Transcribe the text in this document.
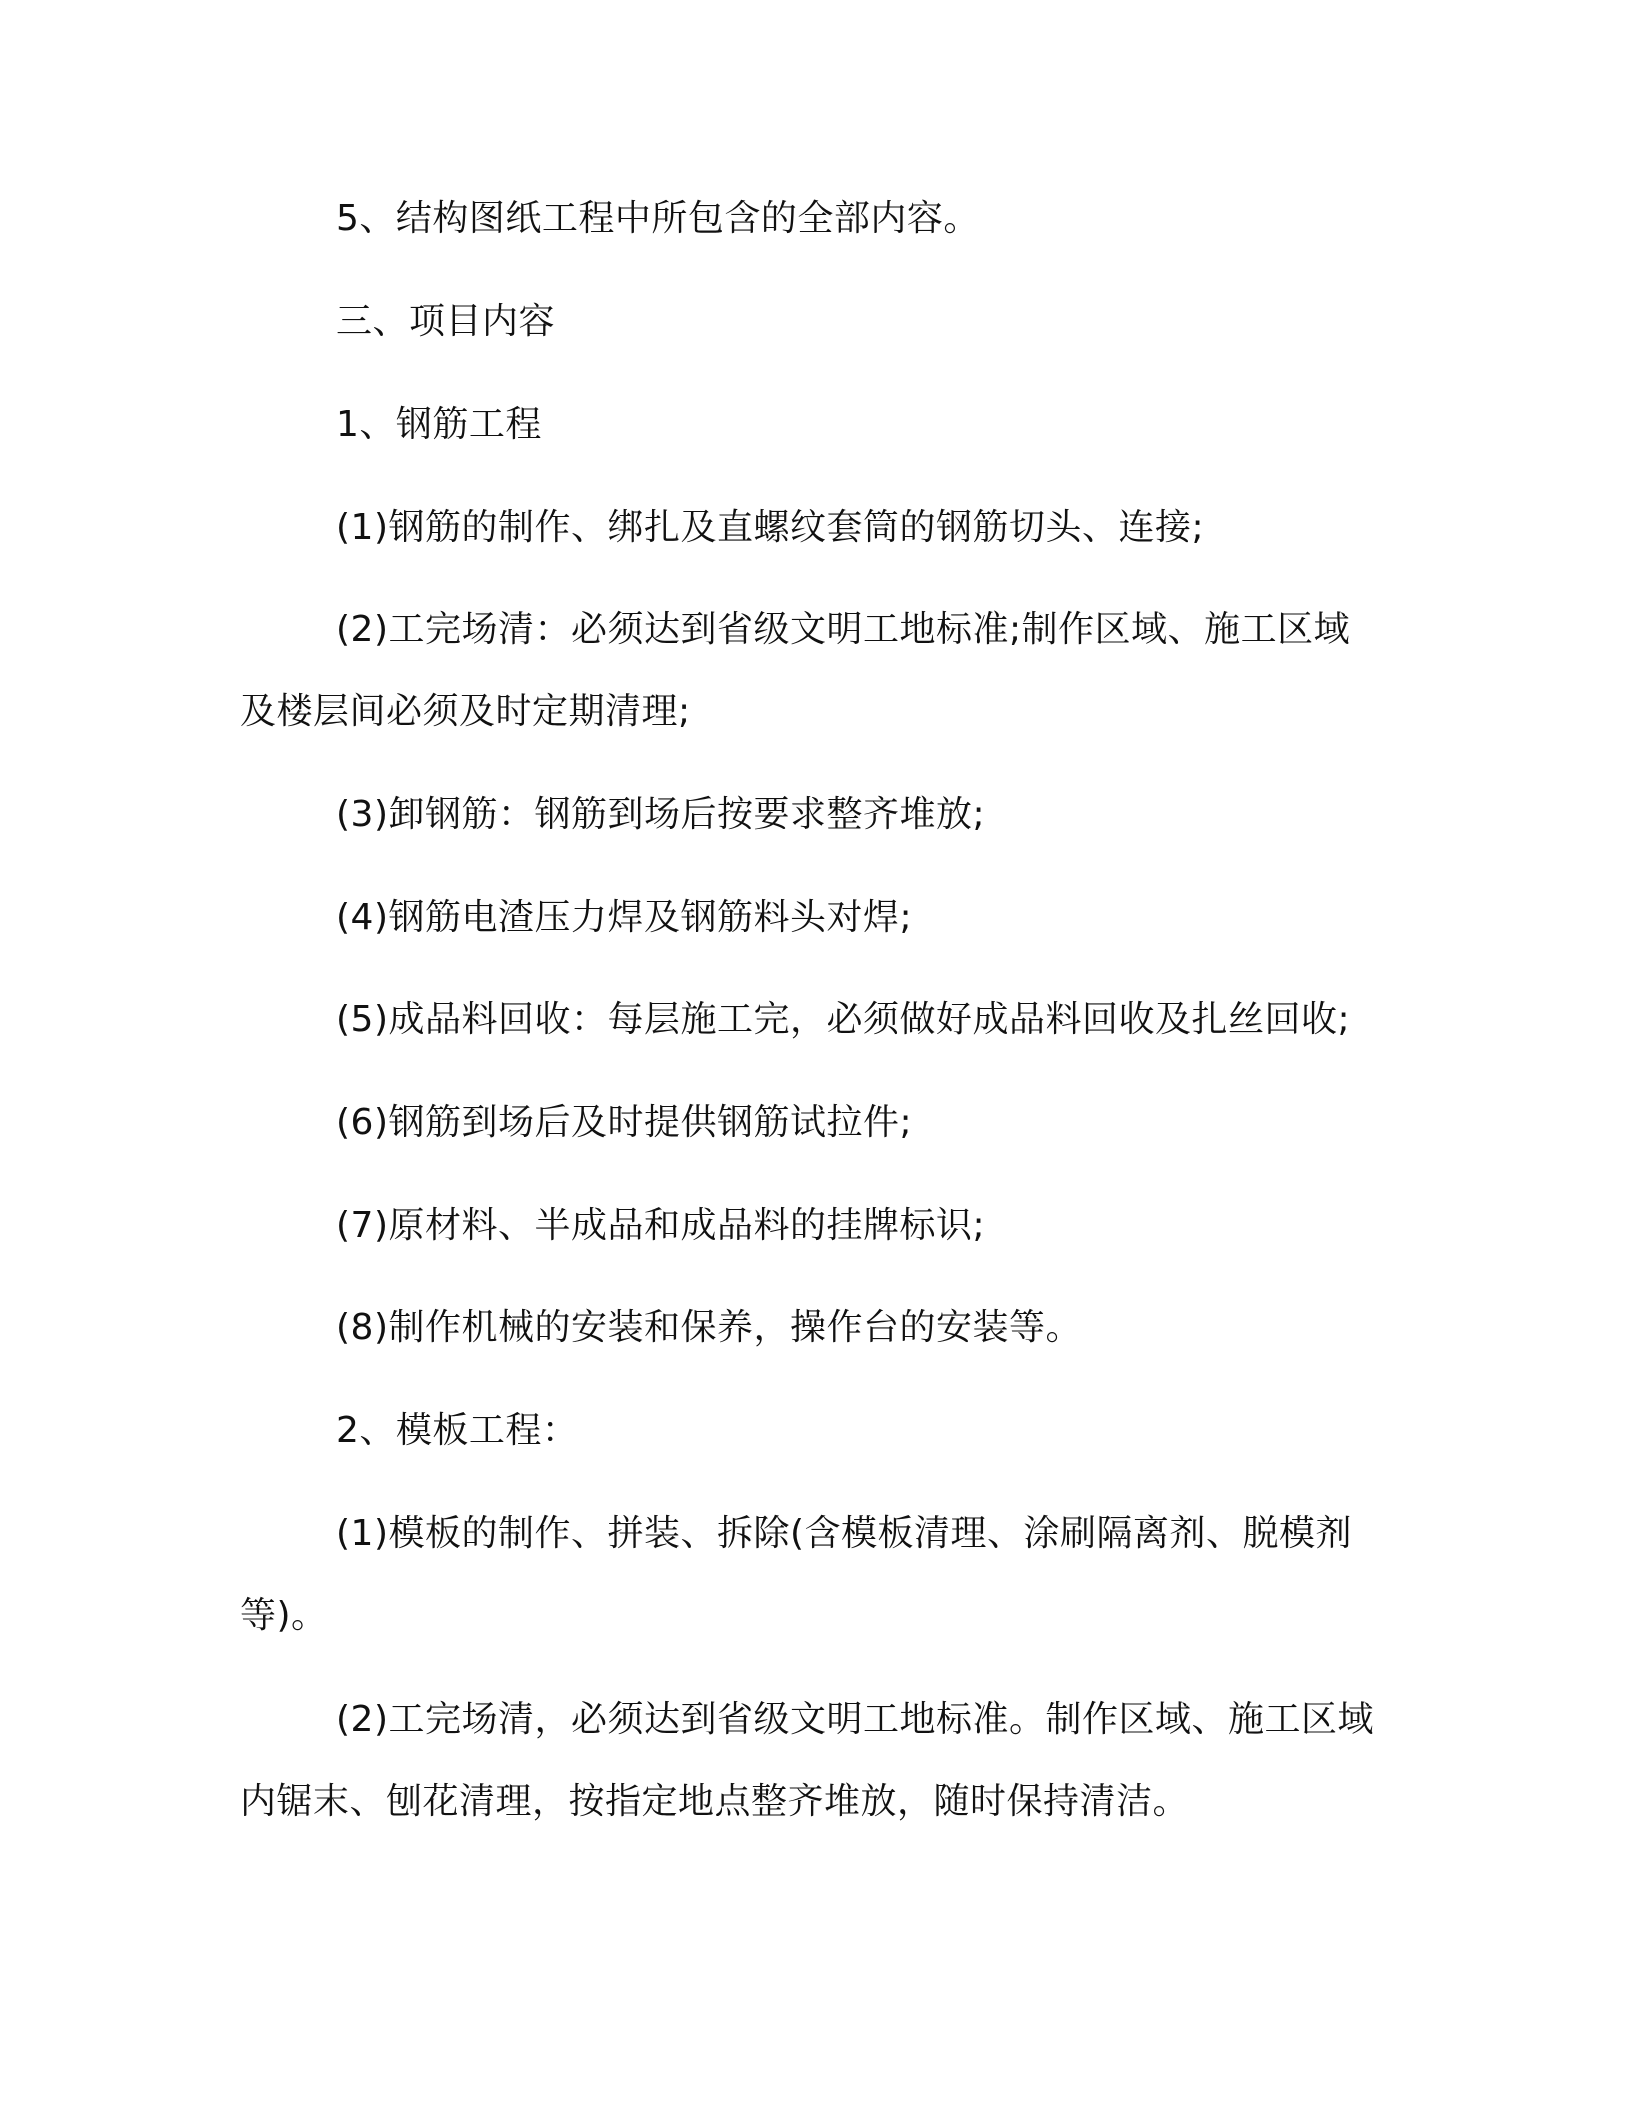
5、结构图纸工程中所包含的全部内容。

三、项目内容

1、钢筋工程

(1)钢筋的制作、绑扎及直螺纹套筒的钢筋切头、连接;

(2)工完场清：必须达到省级文明工地标准;制作区域、施工区域及楼层间必须及时定期清理;

(3)卸钢筋：钢筋到场后按要求整齐堆放;

(4)钢筋电渣压力焊及钢筋料头对焊;

(5)成品料回收：每层施工完，必须做好成品料回收及扎丝回收;

(6)钢筋到场后及时提供钢筋试拉件;

(7)原材料、半成品和成品料的挂牌标识;

(8)制作机械的安装和保养，操作台的安装等。

2、模板工程：

(1)模板的制作、拼装、拆除(含模板清理、涂刷隔离剂、脱模剂等)。

(2)工完场清，必须达到省级文明工地标准。制作区域、施工区域内锯末、刨花清理，按指定地点整齐堆放，随时保持清洁。
